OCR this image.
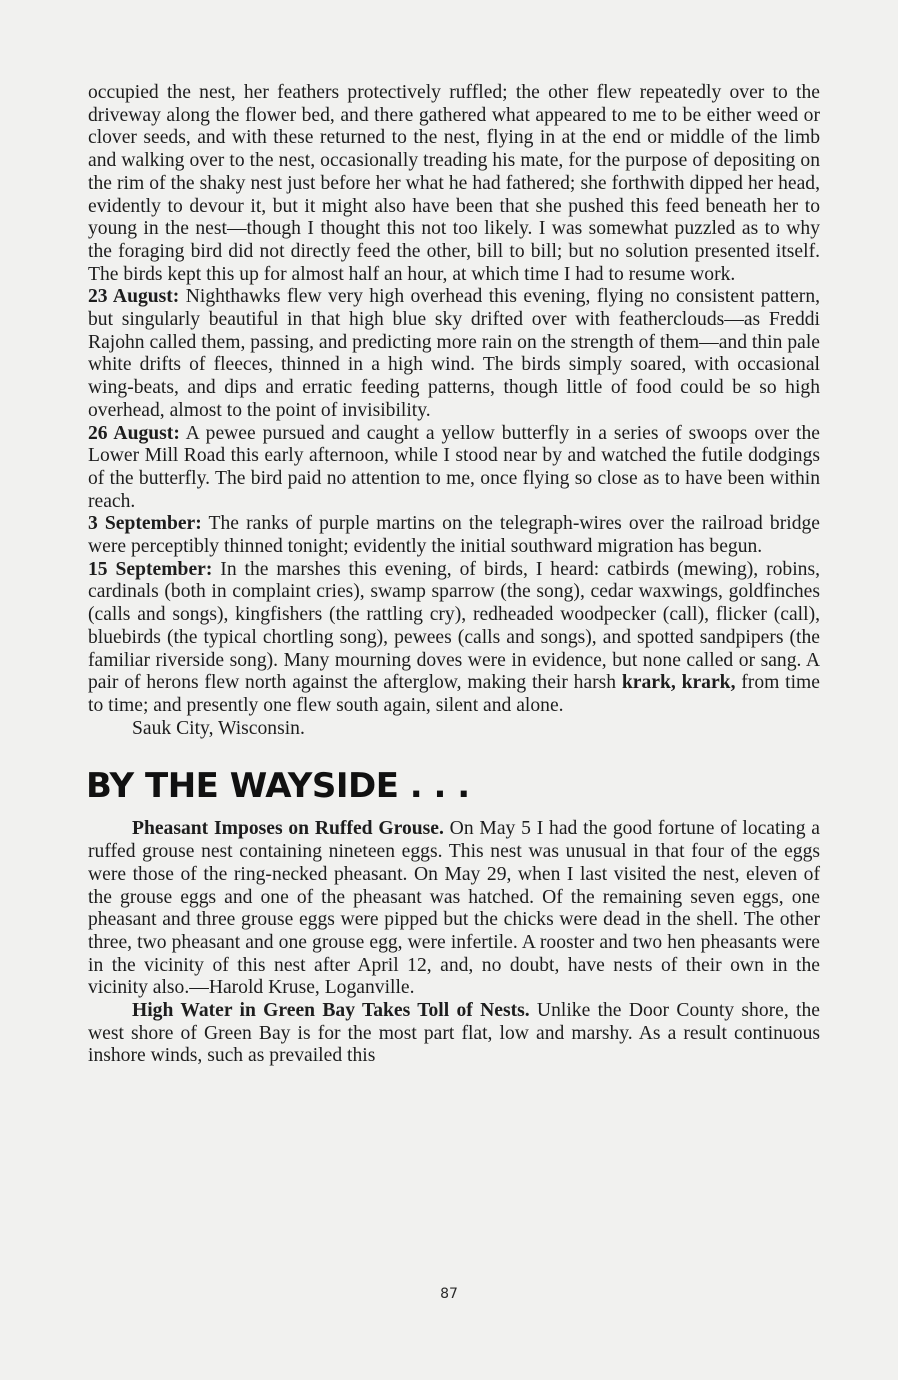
occupied the nest, her feathers protectively ruffled; the other flew repeatedly over to the driveway along the flower bed, and there gathered what appeared to me to be either weed or clover seeds, and with these returned to the nest, flying in at the end or middle of the limb and walking over to the nest, occasionally treading his mate, for the purpose of depositing on the rim of the shaky nest just before her what he had fathered; she forthwith dipped her head, evidently to devour it, but it might also have been that she pushed this feed beneath her to young in the nest—though I thought this not too likely. I was somewhat puzzled as to why the foraging bird did not directly feed the other, bill to bill; but no solution presented itself. The birds kept this up for almost half an hour, at which time I had to resume work.

23 August: Nighthawks flew very high overhead this evening, flying no consistent pattern, but singularly beautiful in that high blue sky drifted over with featherclouds—as Freddi Rajohn called them, passing, and predicting more rain on the strength of them—and thin pale white drifts of fleeces, thinned in a high wind. The birds simply soared, with occasional wing-beats, and dips and erratic feeding patterns, though little of food could be so high overhead, almost to the point of invisibility.

26 August: A pewee pursued and caught a yellow butterfly in a series of swoops over the Lower Mill Road this early afternoon, while I stood near by and watched the futile dodgings of the butterfly. The bird paid no attention to me, once flying so close as to have been within reach.

3 September: The ranks of purple martins on the telegraph-wires over the railroad bridge were perceptibly thinned tonight; evidently the initial southward migration has begun.

15 September: In the marshes this evening, of birds, I heard: catbirds (mewing), robins, cardinals (both in complaint cries), swamp sparrow (the song), cedar waxwings, goldfinches (calls and songs), kingfishers (the rattling cry), redheaded woodpecker (call), flicker (call), bluebirds (the typical chortling song), pewees (calls and songs), and spotted sandpipers (the familiar riverside song). Many mourning doves were in evidence, but none called or sang. A pair of herons flew north against the afterglow, making their harsh krark, krark, from time to time; and presently one flew south again, silent and alone.

Sauk City, Wisconsin.

BY THE WAYSIDE . . .

Pheasant Imposes on Ruffed Grouse. On May 5 I had the good fortune of locating a ruffed grouse nest containing nineteen eggs. This nest was unusual in that four of the eggs were those of the ring-necked pheasant. On May 29, when I last visited the nest, eleven of the grouse eggs and one of the pheasant was hatched. Of the remaining seven eggs, one pheasant and three grouse eggs were pipped but the chicks were dead in the shell. The other three, two pheasant and one grouse egg, were infertile. A rooster and two hen pheasants were in the vicinity of this nest after April 12, and, no doubt, have nests of their own in the vicinity also.—Harold Kruse, Loganville.

High Water in Green Bay Takes Toll of Nests. Unlike the Door County shore, the west shore of Green Bay is for the most part flat, low and marshy. As a result continuous inshore winds, such as prevailed this

87
